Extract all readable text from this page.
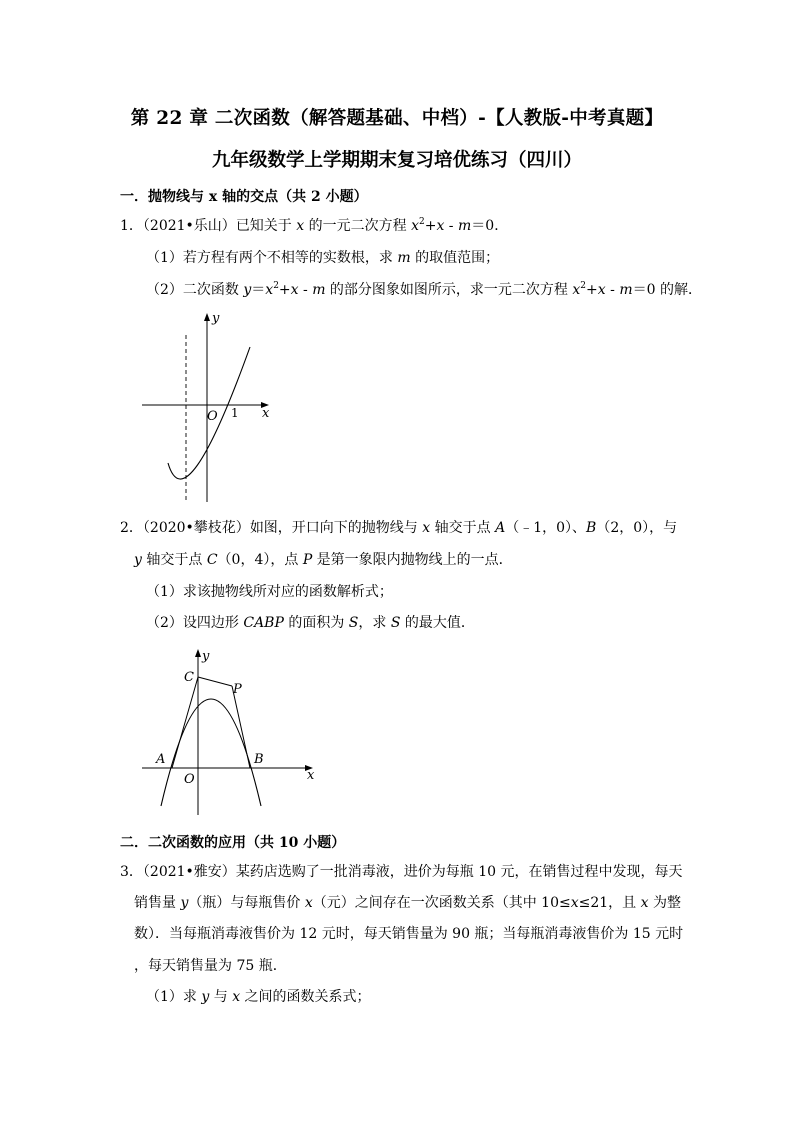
第 22 章 二次函数（解答题基础、中档）-【人教版-中考真题】
九年级数学上学期期末复习培优练习（四川）
一．抛物线与 x 轴的交点（共 2 小题）
1．（2021•乐山）已知关于 x 的一元二次方程 $x^2+x - m=0$．
（1）若方程有两个不相等的实数根，求 m 的取值范围；
（2）二次函数 $y=x^2+x - m$ 的部分图象如图所示，求一元二次方程 $x^2+x - m=0$ 的解．
y
x
O 1
2．（2020•攀枝花）如图，开口向下的抛物线与 x 轴交于点 A（﹣1，0）、B（2，0），与
y 轴交于点 C（0，4），点 P 是第一象限内抛物线上的一点．
（1）求该抛物线所对应的函数解析式；
（2）设四边形 CABP 的面积为 S，求 S 的最大值．
y
x
O
A	B
C
P
二．二次函数的应用（共 10 小题）
3．（2021•雅安）某药店选购了一批消毒液，进价为每瓶 10 元，在销售过程中发现，每天
销售量 y（瓶）与每瓶售价 x（元）之间存在一次函数关系（其中 10≤x≤21，且 x 为整
数）．当每瓶消毒液售价为 12 元时，每天销售量为 90 瓶；当每瓶消毒液售价为 15 元时
，每天销售量为 75 瓶．
（1）求 y 与 x 之间的函数关系式；
